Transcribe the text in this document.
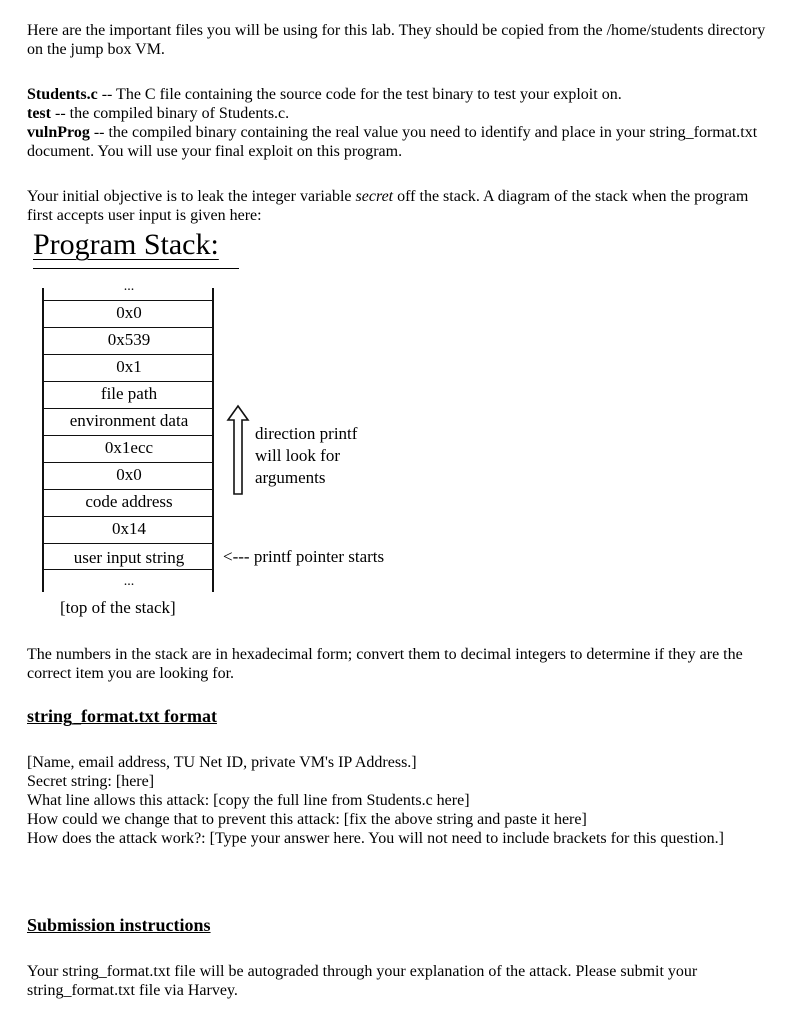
Here are the important files you will be using for this lab. They should be copied from the /home/students directory on the jump box VM.

Students.c -- The C file containing the source code for the test binary to test your exploit on.

test -- the compiled binary of Students.c.

vulnProg -- the compiled binary containing the real value you need to identify and place in your string_format.txt document. You will use your final exploit on this program.

Your initial objective is to leak the integer variable secret off the stack. A diagram of the stack when the program first accepts user input is given here:

Program Stack:
...
0x0
0x539
0x1
file path
environment data
0x1ecc
0x0
code address
0x14
user input string
...
direction printf
will look for
arguments
<--- printf pointer starts
[top of the stack]

The numbers in the stack are in hexadecimal form; convert them to decimal integers to determine if they are the correct item you are looking for.

string_format.txt format

[Name, email address, TU Net ID, private VM's IP Address.]

Secret string: [here]

What line allows this attack: [copy the full line from Students.c here]

How could we change that to prevent this attack: [fix the above string and paste it here]

How does the attack work?: [Type your answer here. You will not need to include brackets for this question.]

Submission instructions

Your string_format.txt file will be autograded through your explanation of the attack. Please submit your string_format.txt file via Harvey.
